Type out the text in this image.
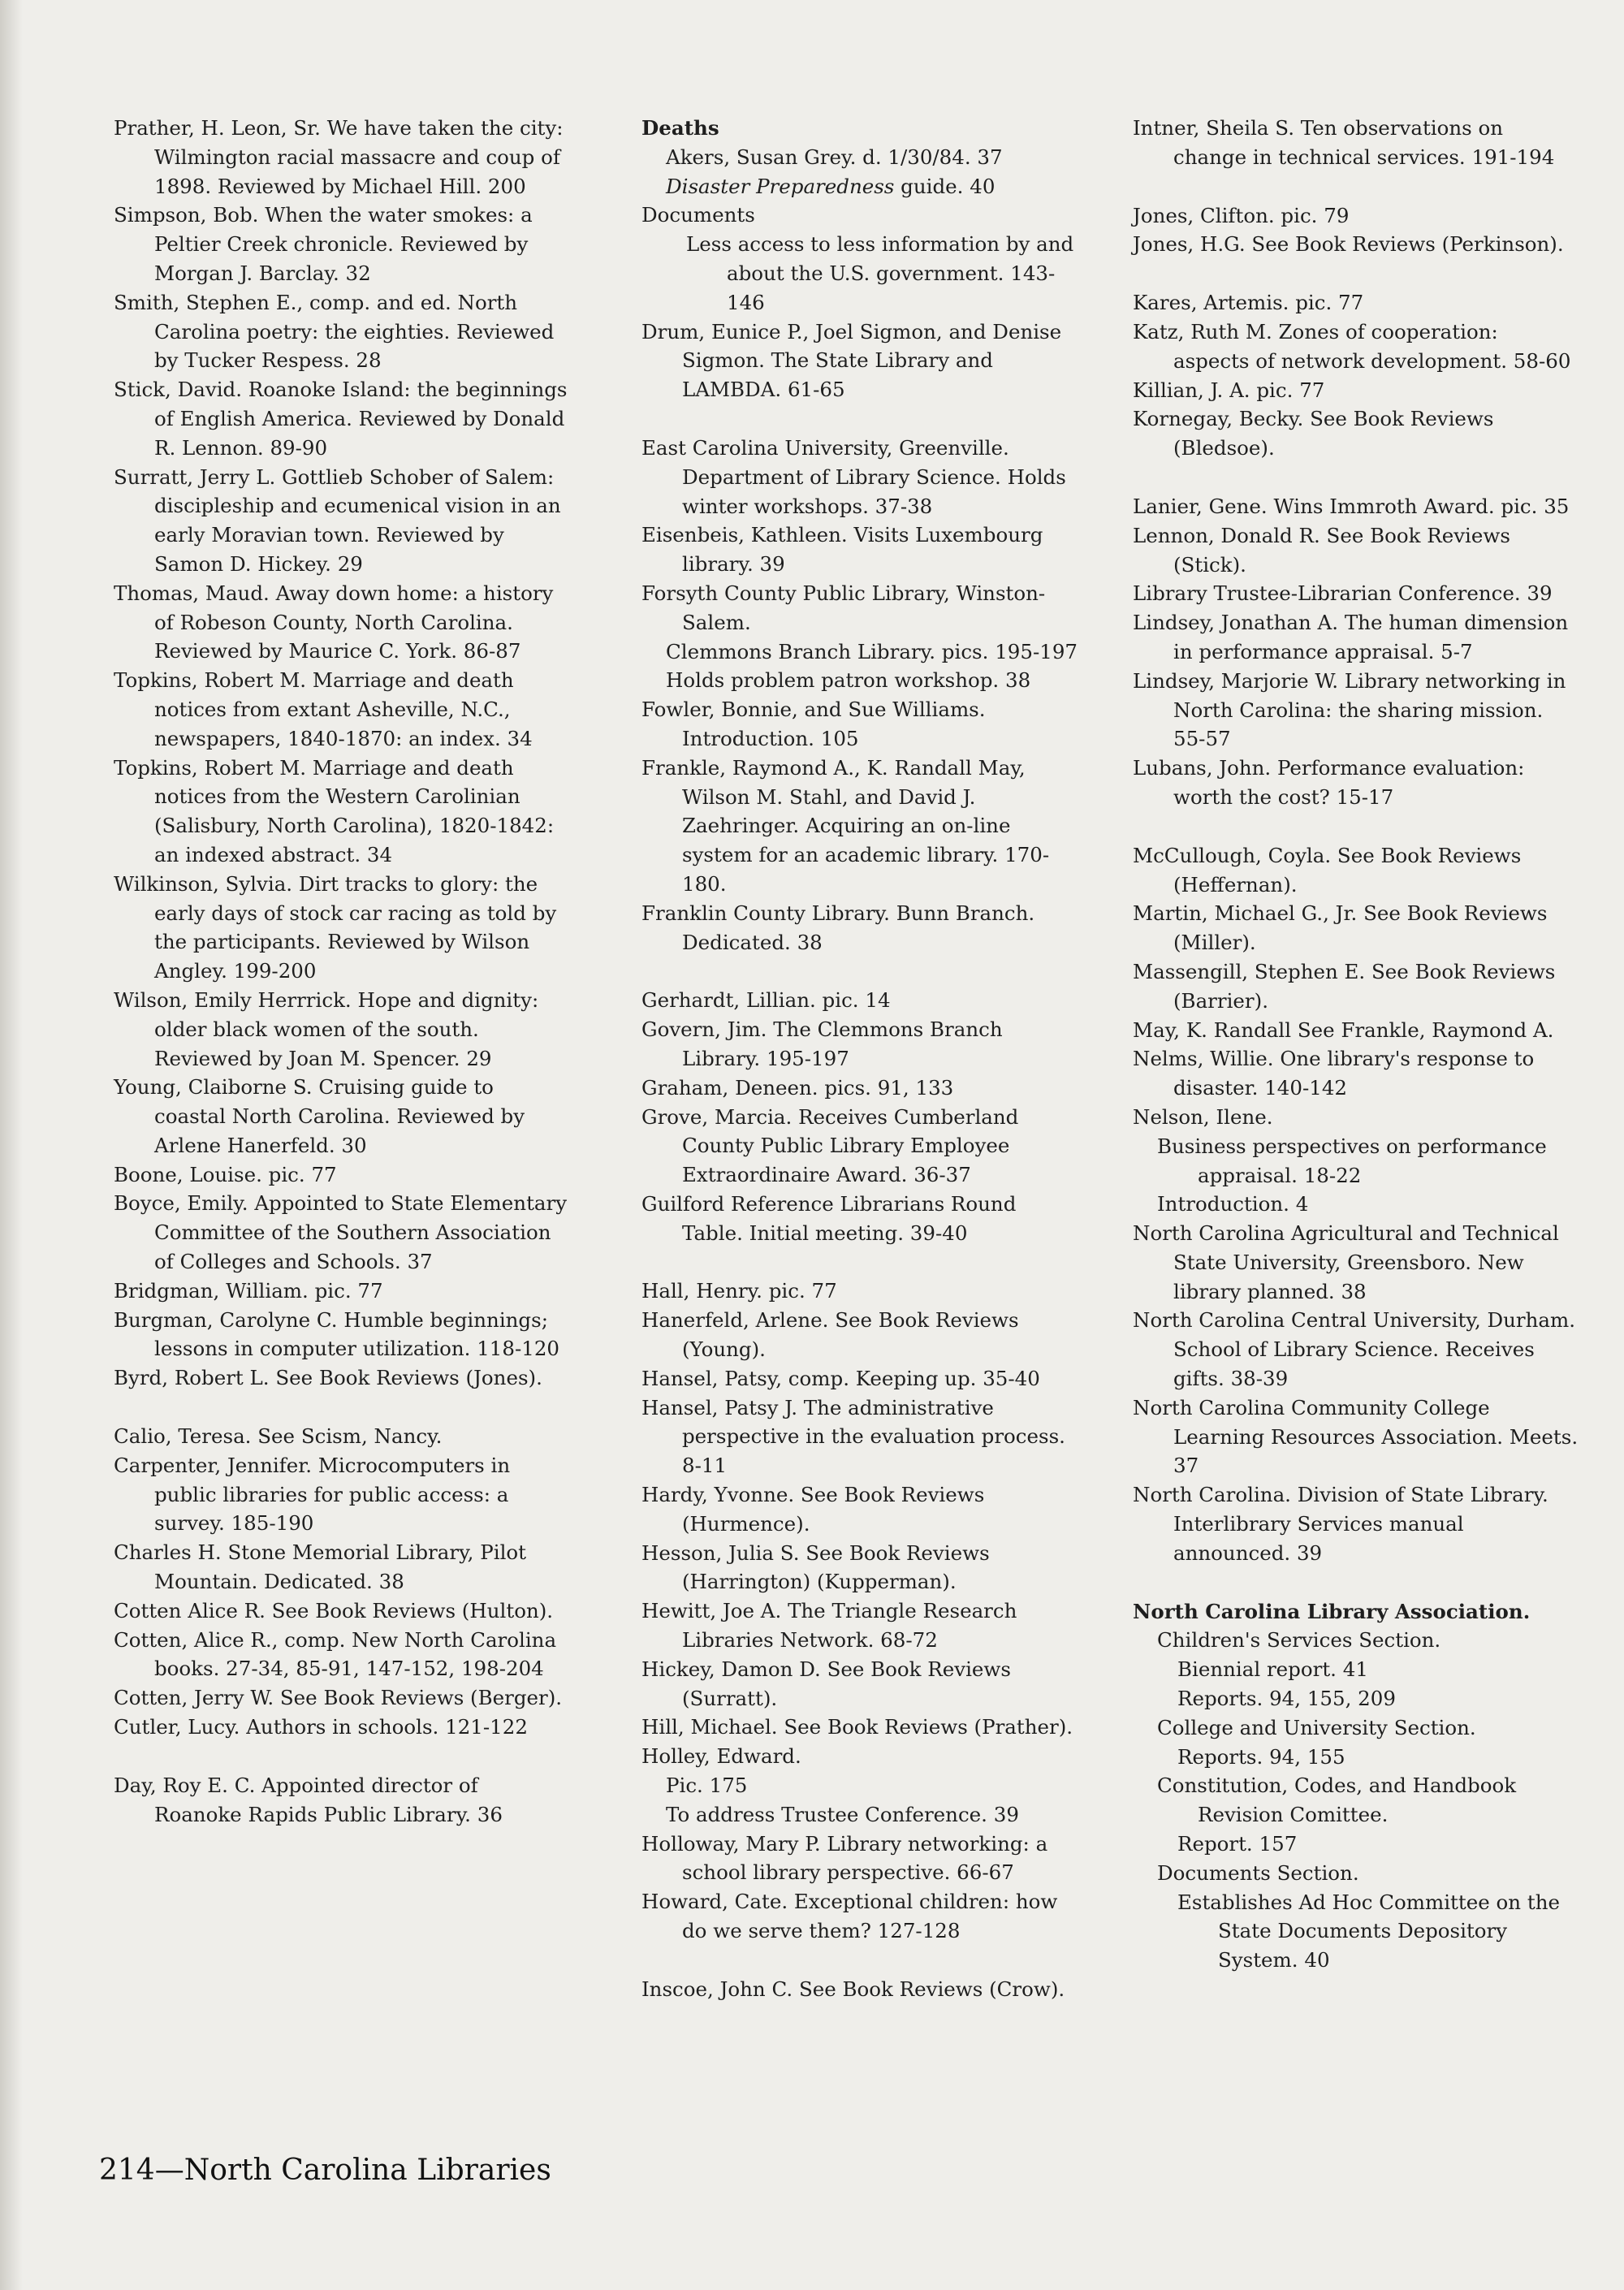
Prather, H. Leon, Sr. We have taken the city: Wilmington racial massacre and coup of 1898. Reviewed by Michael Hill. 200

Simpson, Bob. When the water smokes: a Peltier Creek chronicle. Reviewed by Morgan J. Barclay. 32

Smith, Stephen E., comp. and ed. North Carolina poetry: the eighties. Reviewed by Tucker Respess. 28

Stick, David. Roanoke Island: the beginnings of English America. Reviewed by Donald R. Lennon. 89-90

Surratt, Jerry L. Gottlieb Schober of Salem: discipleship and ecumenical vision in an early Moravian town. Reviewed by Samon D. Hickey. 29

Thomas, Maud. Away down home: a history of Robeson County, North Carolina. Reviewed by Maurice C. York. 86-87

Topkins, Robert M. Marriage and death notices from extant Asheville, N.C., newspapers, 1840-1870: an index. 34

Topkins, Robert M. Marriage and death notices from the Western Carolinian (Salisbury, North Carolina), 1820-1842: an indexed abstract. 34

Wilkinson, Sylvia. Dirt tracks to glory: the early days of stock car racing as told by the participants. Reviewed by Wilson Angley. 199-200

Wilson, Emily Herrrick. Hope and dignity: older black women of the south. Reviewed by Joan M. Spencer. 29

Young, Claiborne S. Cruising guide to coastal North Carolina. Reviewed by Arlene Hanerfeld. 30

Boone, Louise. pic. 77

Boyce, Emily. Appointed to State Elementary Committee of the Southern Association of Colleges and Schools. 37

Bridgman, William. pic. 77

Burgman, Carolyne C. Humble beginnings; lessons in computer utilization. 118-120

Byrd, Robert L. See Book Reviews (Jones).

Calio, Teresa. See Scism, Nancy.

Carpenter, Jennifer. Microcomputers in public libraries for public access: a survey. 185-190

Charles H. Stone Memorial Library, Pilot Mountain. Dedicated. 38

Cotten Alice R. See Book Reviews (Hulton).

Cotten, Alice R., comp. New North Carolina books. 27-34, 85-91, 147-152, 198-204

Cotten, Jerry W. See Book Reviews (Berger).

Cutler, Lucy. Authors in schools. 121-122

Day, Roy E. C. Appointed director of Roanoke Rapids Public Library. 36

Deaths

Akers, Susan Grey. d. 1/30/84. 37

Disaster Preparedness guide. 40

Documents

Less access to less information by and about the U.S. government. 143-146

Drum, Eunice P., Joel Sigmon, and Denise Sigmon. The State Library and LAMBDA. 61-65

East Carolina University, Greenville. Department of Library Science. Holds winter workshops. 37-38

Eisenbeis, Kathleen. Visits Luxembourg library. 39

Forsyth County Public Library, Winston-Salem.

Clemmons Branch Library. pics. 195-197

Holds problem patron workshop. 38

Fowler, Bonnie, and Sue Williams. Introduction. 105

Frankle, Raymond A., K. Randall May, Wilson M. Stahl, and David J. Zaehringer. Acquiring an on-line system for an academic library. 170-180.

Franklin County Library. Bunn Branch. Dedicated. 38

Gerhardt, Lillian. pic. 14

Govern, Jim. The Clemmons Branch Library. 195-197

Graham, Deneen. pics. 91, 133

Grove, Marcia. Receives Cumberland County Public Library Employee Extraordinaire Award. 36-37

Guilford Reference Librarians Round Table. Initial meeting. 39-40

Hall, Henry. pic. 77

Hanerfeld, Arlene. See Book Reviews (Young).

Hansel, Patsy, comp. Keeping up. 35-40

Hansel, Patsy J. The administrative perspective in the evaluation process. 8-11

Hardy, Yvonne. See Book Reviews (Hurmence).

Hesson, Julia S. See Book Reviews (Harrington) (Kupperman).

Hewitt, Joe A. The Triangle Research Libraries Network. 68-72

Hickey, Damon D. See Book Reviews (Surratt).

Hill, Michael. See Book Reviews (Prather).

Holley, Edward.

Pic. 175

To address Trustee Conference. 39

Holloway, Mary P. Library networking: a school library perspective. 66-67

Howard, Cate. Exceptional children: how do we serve them? 127-128

Inscoe, John C. See Book Reviews (Crow).

Intner, Sheila S. Ten observations on change in technical services. 191-194

Jones, Clifton. pic. 79

Jones, H.G. See Book Reviews (Perkinson).

Kares, Artemis. pic. 77

Katz, Ruth M. Zones of cooperation: aspects of network development. 58-60

Killian, J. A. pic. 77

Kornegay, Becky. See Book Reviews (Bledsoe).

Lanier, Gene. Wins Immroth Award. pic. 35

Lennon, Donald R. See Book Reviews (Stick).

Library Trustee-Librarian Conference. 39

Lindsey, Jonathan A. The human dimension in performance appraisal. 5-7

Lindsey, Marjorie W. Library networking in North Carolina: the sharing mission. 55-57

Lubans, John. Performance evaluation: worth the cost? 15-17

McCullough, Coyla. See Book Reviews (Heffernan).

Martin, Michael G., Jr. See Book Reviews (Miller).

Massengill, Stephen E. See Book Reviews (Barrier).

May, K. Randall See Frankle, Raymond A.

Nelms, Willie. One library's response to disaster. 140-142

Nelson, Ilene.

Business perspectives on performance appraisal. 18-22

Introduction. 4

North Carolina Agricultural and Technical State University, Greensboro. New library planned. 38

North Carolina Central University, Durham. School of Library Science. Receives gifts. 38-39

North Carolina Community College Learning Resources Association. Meets. 37

North Carolina. Division of State Library. Interlibrary Services manual announced. 39

North Carolina Library Association.

Children's Services Section.

Biennial report. 41

Reports. 94, 155, 209

College and University Section.

Reports. 94, 155

Constitution, Codes, and Handbook Revision Comittee.

Report. 157

Documents Section.

Establishes Ad Hoc Committee on the State Documents Depository System. 40

214—North Carolina Libraries
